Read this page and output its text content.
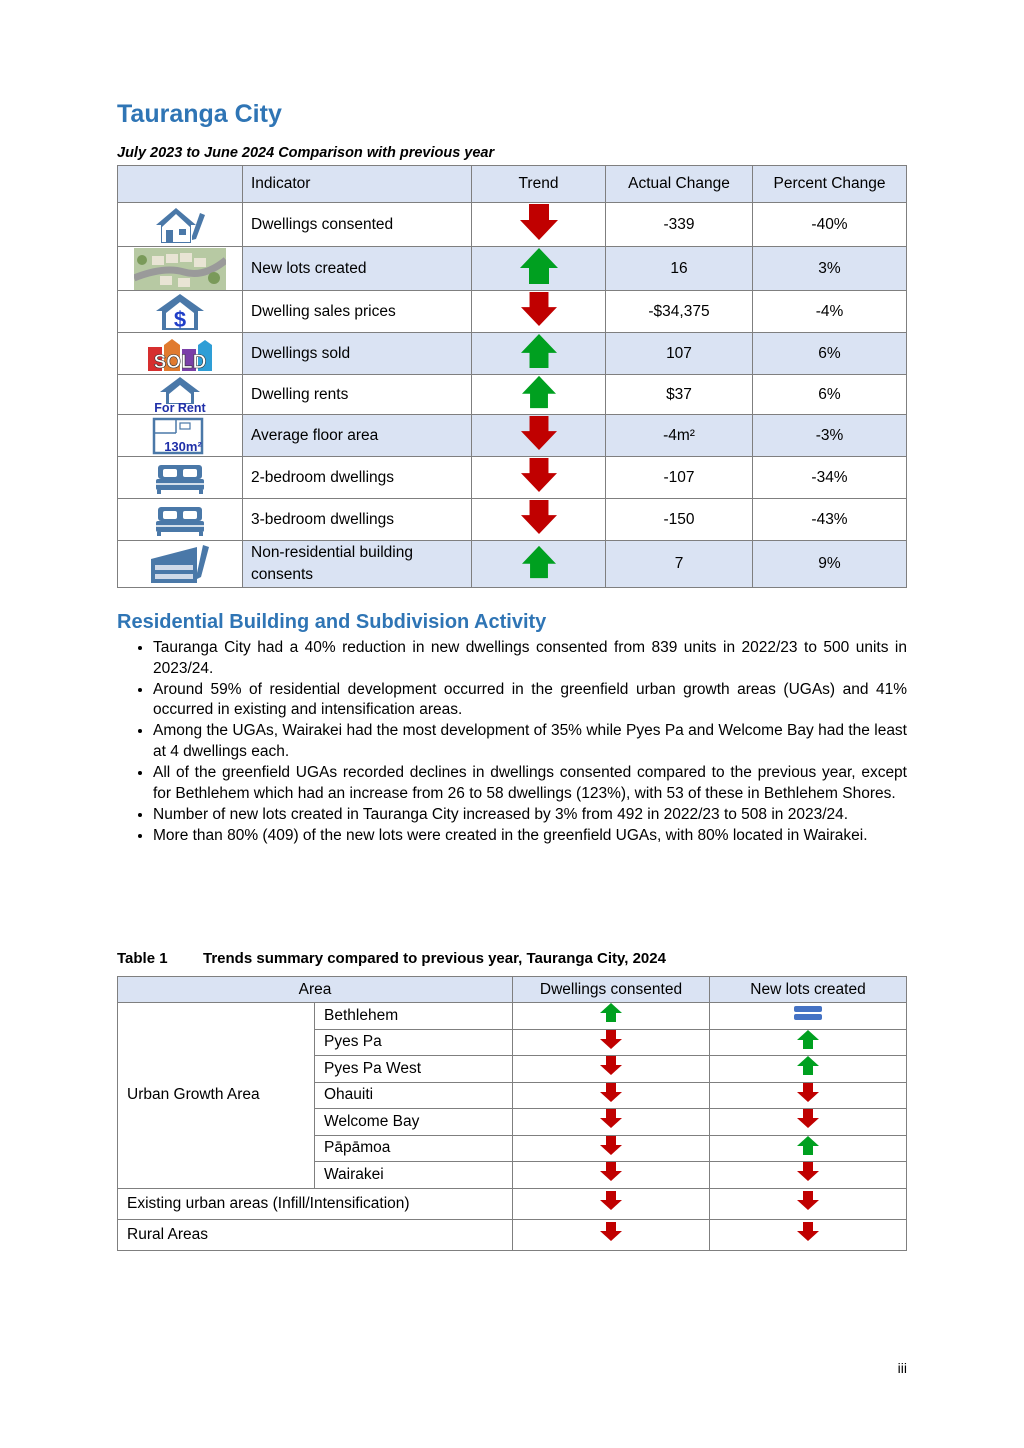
Tauranga City

July 2023 to June 2024 Comparison with previous year

	Indicator	Trend	Actual Change	Percent Change

	Dwellings consented		-339	-40%

	New lots created		16	3%

$	Dwelling sales prices		-$34,375	-4%

SOLD	Dwellings sold		107	6%

For Rent	Dwelling rents		$37	6%

130m²	Average floor area		-4m²	-3%

	2-bedroom dwellings		-107	-34%

	3-bedroom dwellings		-150	-43%

	Non-residential building consents		7	9%
Residential Building and Subdivision Activity
• Tauranga City had a 40% reduction in new dwellings consented from 839 units in 2022/23 to 500 units in 2023/24.
• Around 59% of residential development occurred in the greenfield urban growth areas (UGAs) and 41% occurred in existing and intensification areas.
• Among the UGAs, Wairakei had the most development of 35% while Pyes Pa and Welcome Bay had the least at 4 dwellings each.
• All of the greenfield UGAs recorded declines in dwellings consented compared to the previous year, except for Bethlehem which had an increase from 26 to 58 dwellings (123%), with 53 of these in Bethlehem Shores.
• Number of new lots created in Tauranga City increased by 3% from 492 in 2022/23 to 508 in 2023/24.
• More than 80% (409) of the new lots were created in the greenfield UGAs, with 80% located in Wairakei.

Table 1 Trends summary compared to previous year, Tauranga City, 2024

Area		Dwellings consented	New lots created
Urban Growth Area	Bethlehem		
	Pyes Pa		
	Pyes Pa West		
	Ohauiti		
	Welcome Bay		
	Pāpāmoa		
	Wairakei		
Existing urban areas (Infill/Intensification)		
Rural Areas		

iii
